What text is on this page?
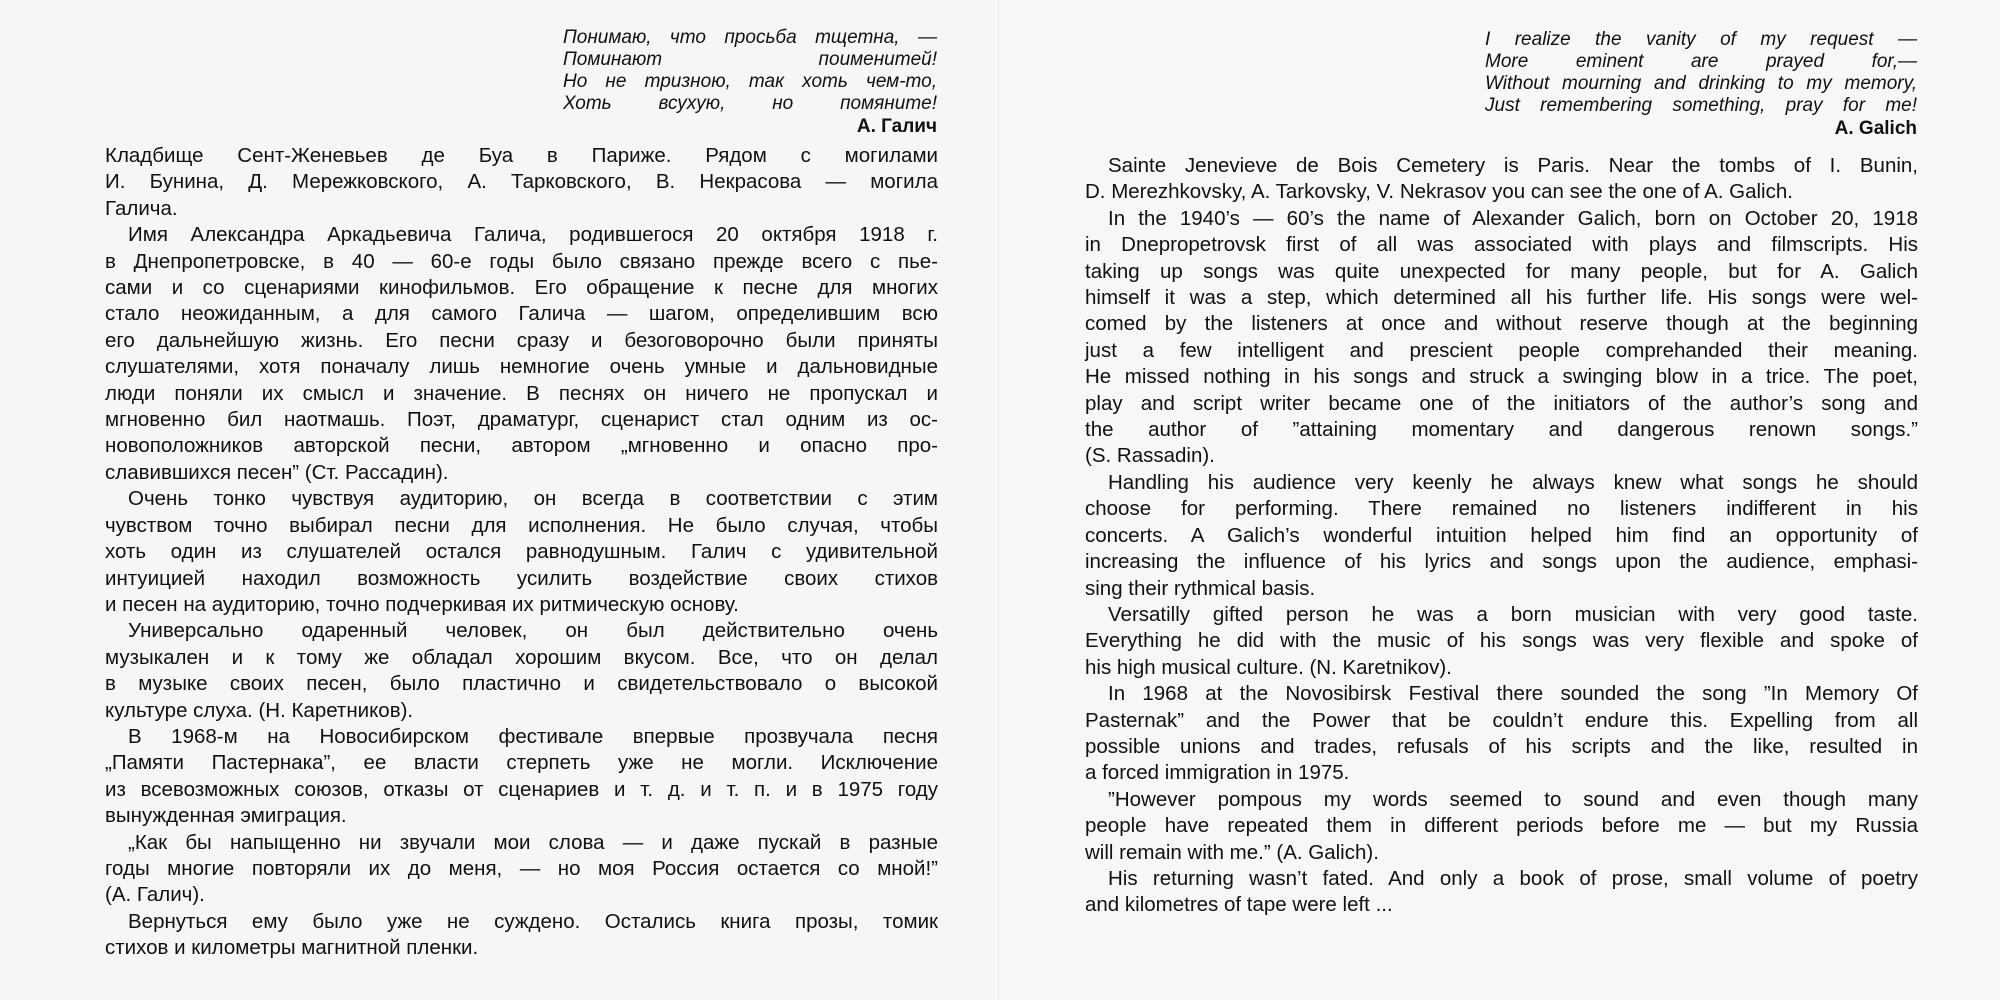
Понимаю, что просьба тщетна, —
Поминают поименитей!
Но не тризною, так хоть чем-то,
Хоть всухую, но помяните!
А. Галич
Кладбище Сент-Женевьев де Буа в Париже. Рядом с могилами
И. Бунина, Д. Мережковского, А. Тарковского, В. Некрасова — могила
Галича.
Имя Александра Аркадьевича Галича, родившегося 20 октября 1918 г.
в Днепропетровске, в 40 — 60-е годы было связано прежде всего с пье-
сами и со сценариями кинофильмов. Его обращение к песне для многих
стало неожиданным, а для самого Галича — шагом, определившим всю
его дальнейшую жизнь. Его песни сразу и безоговорочно были приняты
слушателями, хотя поначалу лишь немногие очень умные и дальновидные
люди поняли их смысл и значение. В песнях он ничего не пропускал и
мгновенно бил наотмашь. Поэт, драматург, сценарист стал одним из ос-
новоположников авторской песни, автором „мгновенно и опасно про-
славившихся песен” (Ст. Рассадин).
Очень тонко чувствуя аудиторию, он всегда в соответствии с этим
чувством точно выбирал песни для исполнения. Не было случая, чтобы
хоть один из слушателей остался равнодушным. Галич с удивительной
интуицией находил возможность усилить воздействие своих стихов
и песен на аудиторию, точно подчеркивая их ритмическую основу.
Универсально одаренный человек, он был действительно очень
музыкален и к тому же обладал хорошим вкусом. Все, что он делал
в музыке своих песен, было пластично и свидетельствовало о высокой
культуре слуха. (Н. Каретников).
В 1968-м на Новосибирском фестивале впервые прозвучала песня
„Памяти Пастернака”, ее власти стерпеть уже не могли. Исключение
из всевозможных союзов, отказы от сценариев и т. д. и т. п. и в 1975 году
вынужденная эмиграция.
„Как бы напыщенно ни звучали мои слова — и даже пускай в разные
годы многие повторяли их до меня, — но моя Россия остается со мной!”
(А. Галич).
Вернуться ему было уже не суждено. Остались книга прозы, томик
стихов и километры магнитной пленки.
I realize the vanity of my request —
More eminent are prayed for,—
Without mourning and drinking to my memory,
Just remembering something, pray for me!
A. Galich
Sainte Jenevieve de Bois Cemetery is Paris. Near the tombs of I. Bunin,
D. Merezhkovsky, A. Tarkovsky, V. Nekrasov you can see the one of A. Galich.
In the 1940’s — 60’s the name of Alexander Galich, born on October 20, 1918
in Dnepropetrovsk first of all was associated with plays and filmscripts. His
taking up songs was quite unexpected for many people, but for A. Galich
himself it was a step, which determined all his further life. His songs were wel-
comed by the listeners at once and without reserve though at the beginning
just a few intelligent and prescient people comprehanded their meaning.
He missed nothing in his songs and struck a swinging blow in a trice. The poet,
play and script writer became one of the initiators of the author’s song and
the author of ”attaining momentary and dangerous renown songs.”
(S. Rassadin).
Handling his audience very keenly he always knew what songs he should
choose for performing. There remained no listeners indifferent in his
concerts. A Galich’s wonderful intuition helped him find an opportunity of
increasing the influence of his lyrics and songs upon the audience, emphasi-
sing their rythmical basis.
Versatilly gifted person he was a born musician with very good taste.
Everything he did with the music of his songs was very flexible and spoke of
his high musical culture. (N. Karetnikov).
In 1968 at the Novosibirsk Festival there sounded the song ”In Memory Of
Pasternak” and the Power that be couldn’t endure this. Expelling from all
possible unions and trades, refusals of his scripts and the like, resulted in
a forced immigration in 1975.
”However pompous my words seemed to sound and even though many
people have repeated them in different periods before me — but my Russia
will remain with me.” (A. Galich).
His returning wasn’t fated. And only a book of prose, small volume of poetry
and kilometres of tape were left ...
